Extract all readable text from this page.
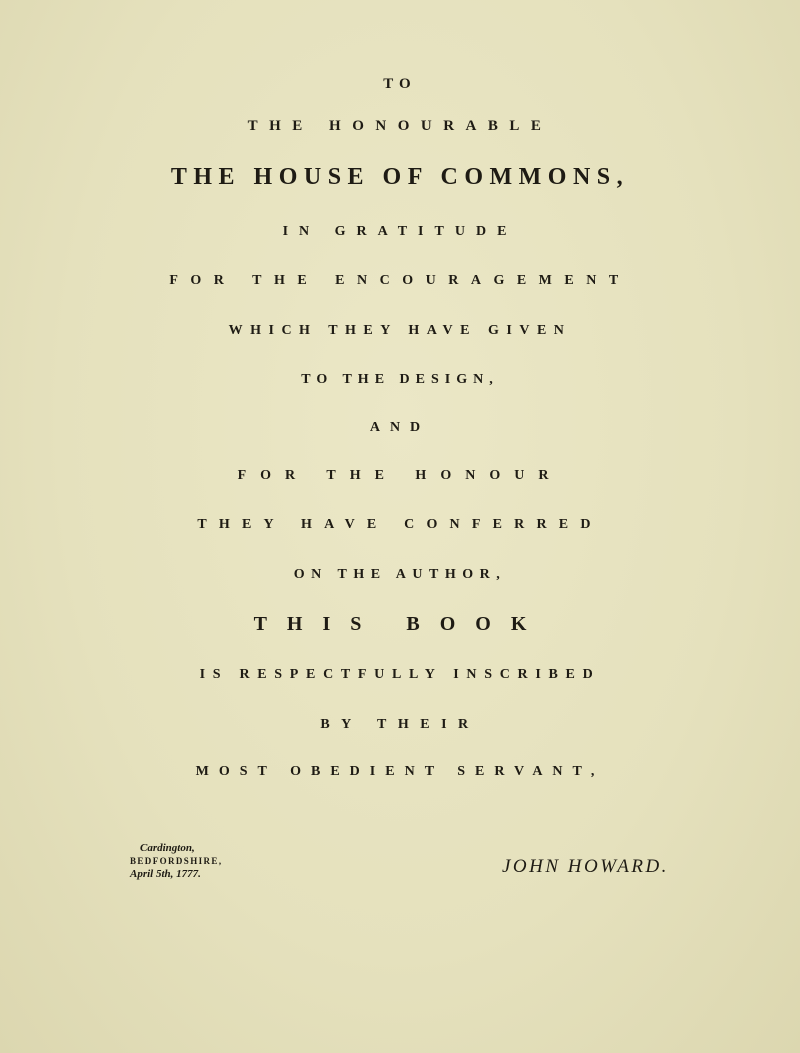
TO
THE HONOURABLE
THE HOUSE OF COMMONS,
IN GRATITUDE
FOR THE ENCOURAGEMENT
WHICH THEY HAVE GIVEN
TO THE DESIGN,
AND
FOR THE HONOUR
THEY HAVE CONFERRED
ON THE AUTHOR,
THIS BOOK
IS RESPECTFULLY INSCRIBED
BY THEIR
MOST OBEDIENT SERVANT,
Cardington,
BEDFORDSHIRE,
April 5th, 1777.	JOHN HOWARD.
